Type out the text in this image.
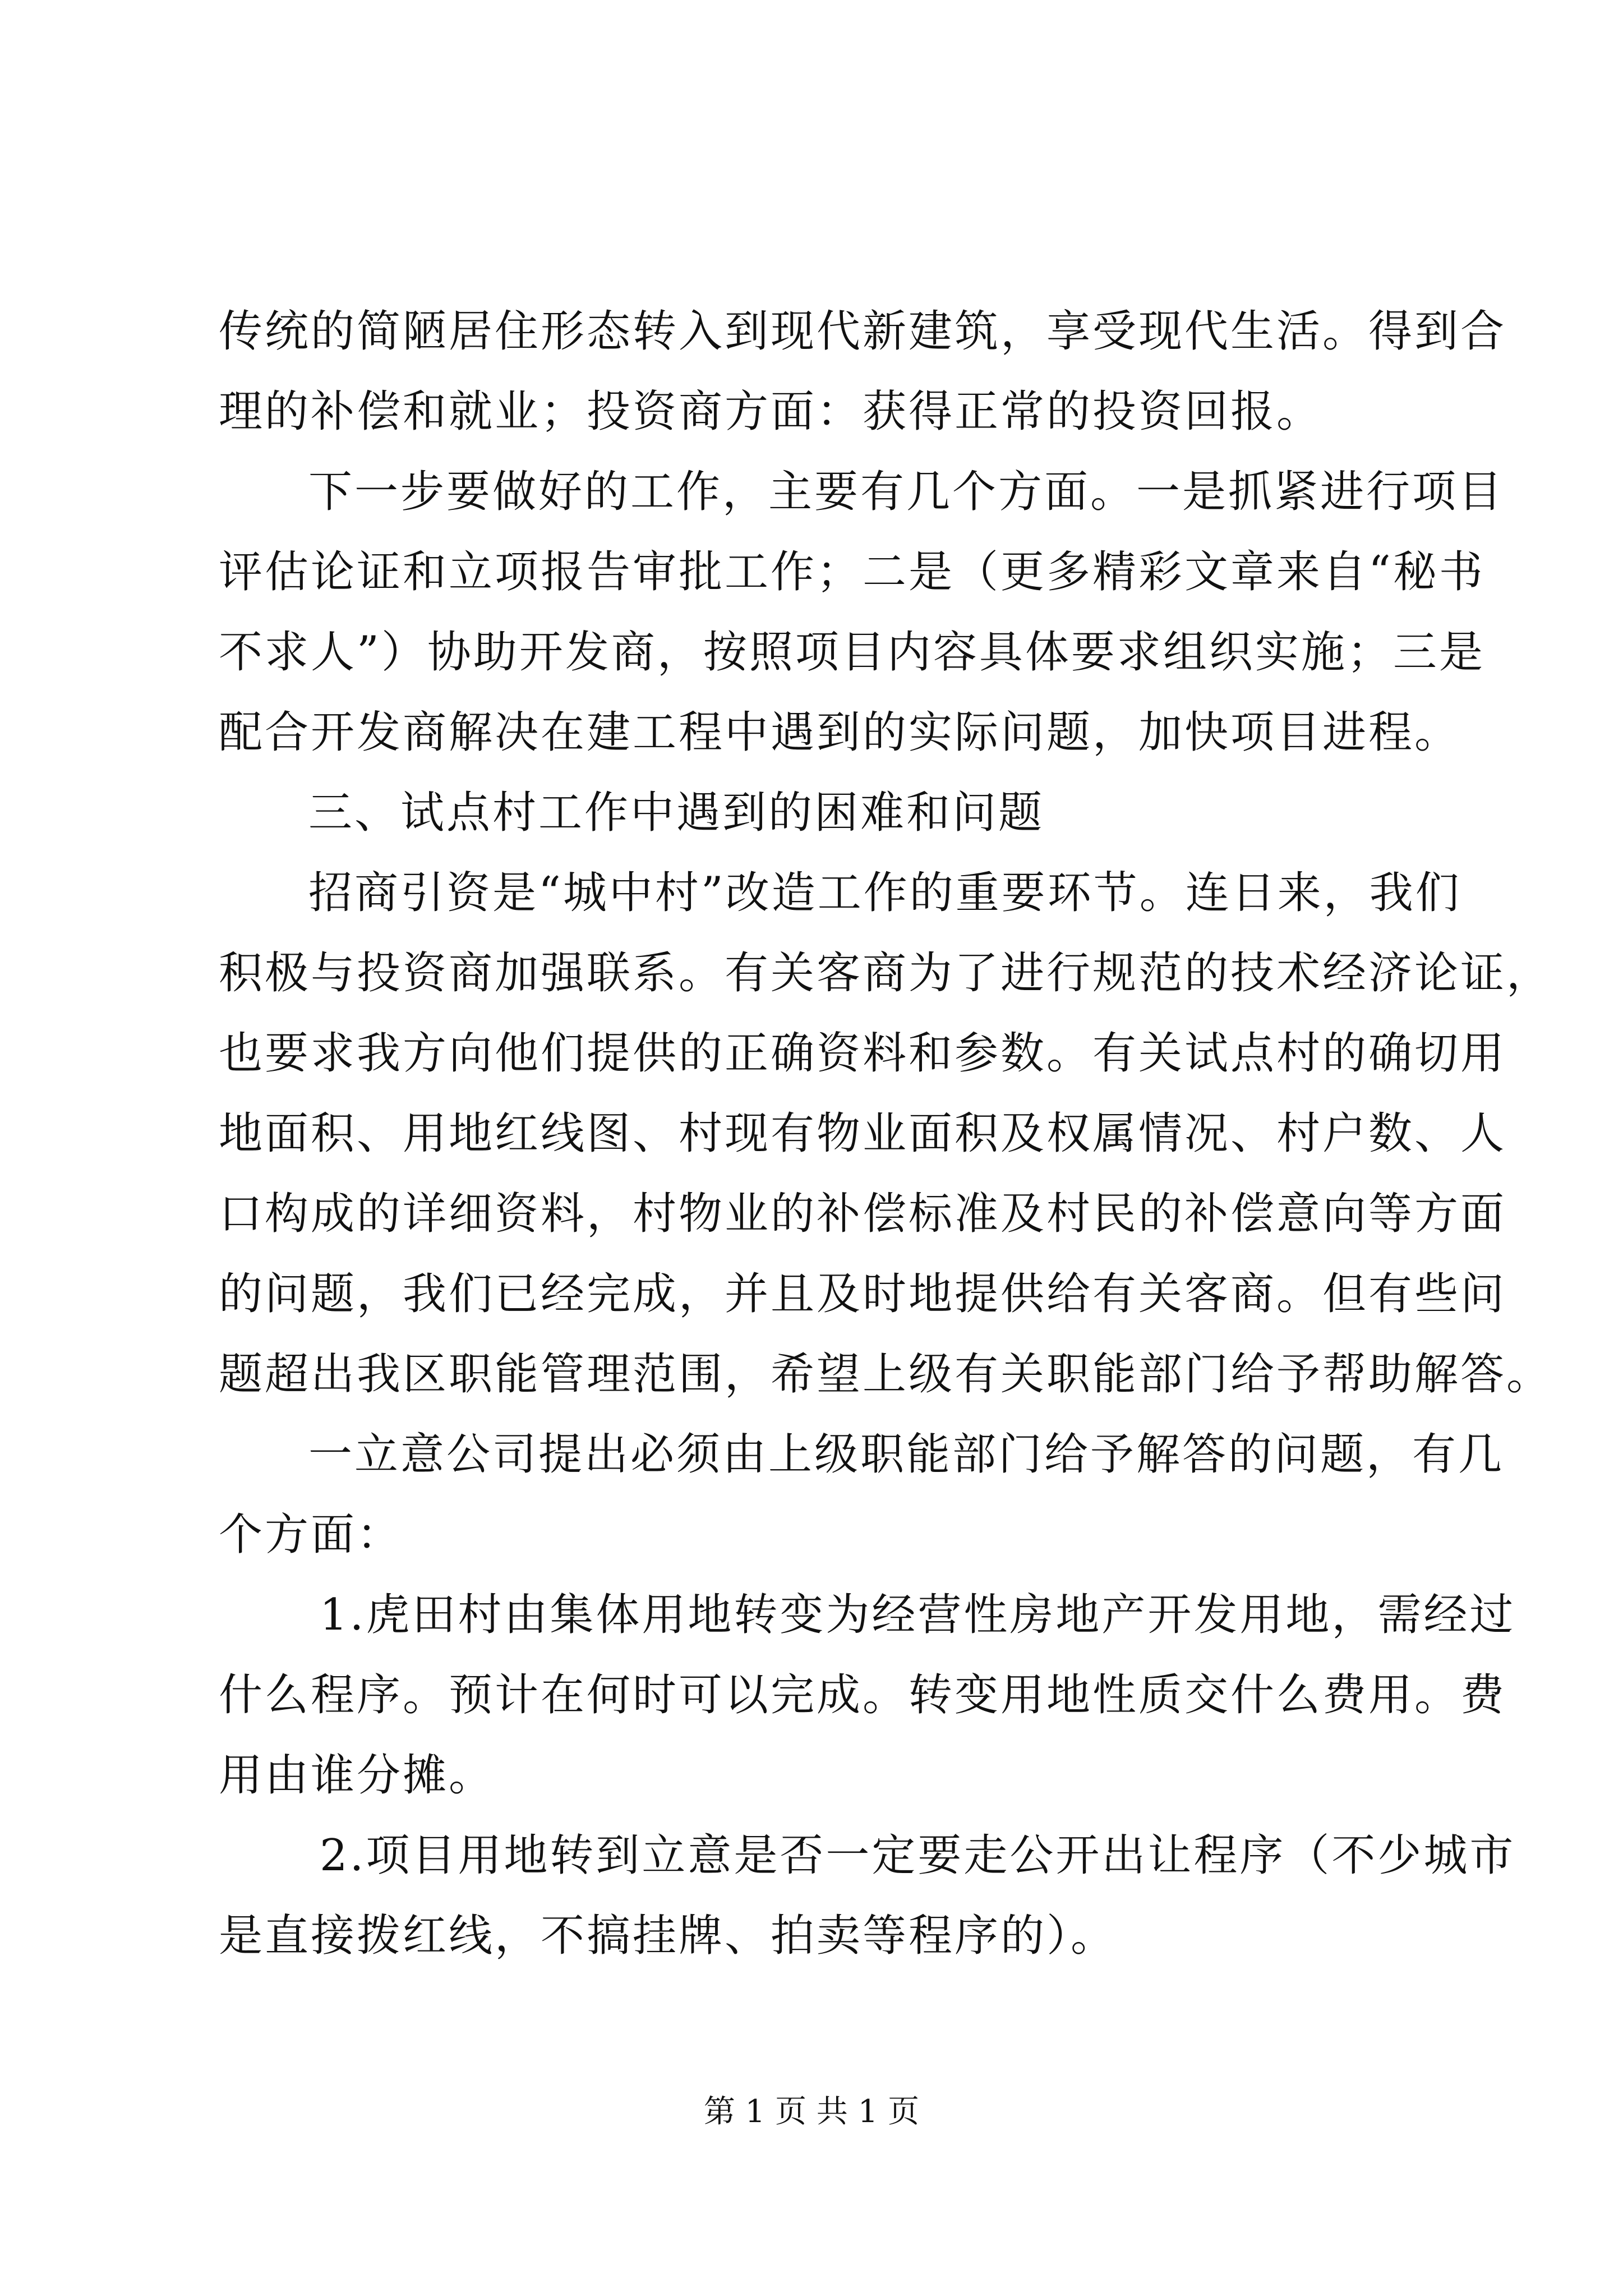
传统的简陋居住形态转入到现代新建筑，享受现代生活。得到合
理的补偿和就业；投资商方面：获得正常的投资回报。
下一步要做好的工作，主要有几个方面。一是抓紧进行项目
评估论证和立项报告审批工作；二是（更多精彩文章来自“秘书
不求人”）协助开发商，按照项目内容具体要求组织实施；三是
配合开发商解决在建工程中遇到的实际问题，加快项目进程。
三、试点村工作中遇到的困难和问题
招商引资是“城中村”改造工作的重要环节。连日来，我们
积极与投资商加强联系。有关客商为了进行规范的技术经济论证，
也要求我方向他们提供的正确资料和参数。有关试点村的确切用
地面积、用地红线图、村现有物业面积及权属情况、村户数、人
口构成的详细资料，村物业的补偿标准及村民的补偿意向等方面
的问题，我们已经完成，并且及时地提供给有关客商。但有些问
题超出我区职能管理范围，希望上级有关职能部门给予帮助解答。
一立意公司提出必须由上级职能部门给予解答的问题，有几
个方面：
1.虎田村由集体用地转变为经营性房地产开发用地，需经过
什么程序。预计在何时可以完成。转变用地性质交什么费用。费
用由谁分摊。
2.项目用地转到立意是否一定要走公开出让程序（不少城市
是直接拨红线，不搞挂牌、拍卖等程序的）。
第 1 页 共 1 页
